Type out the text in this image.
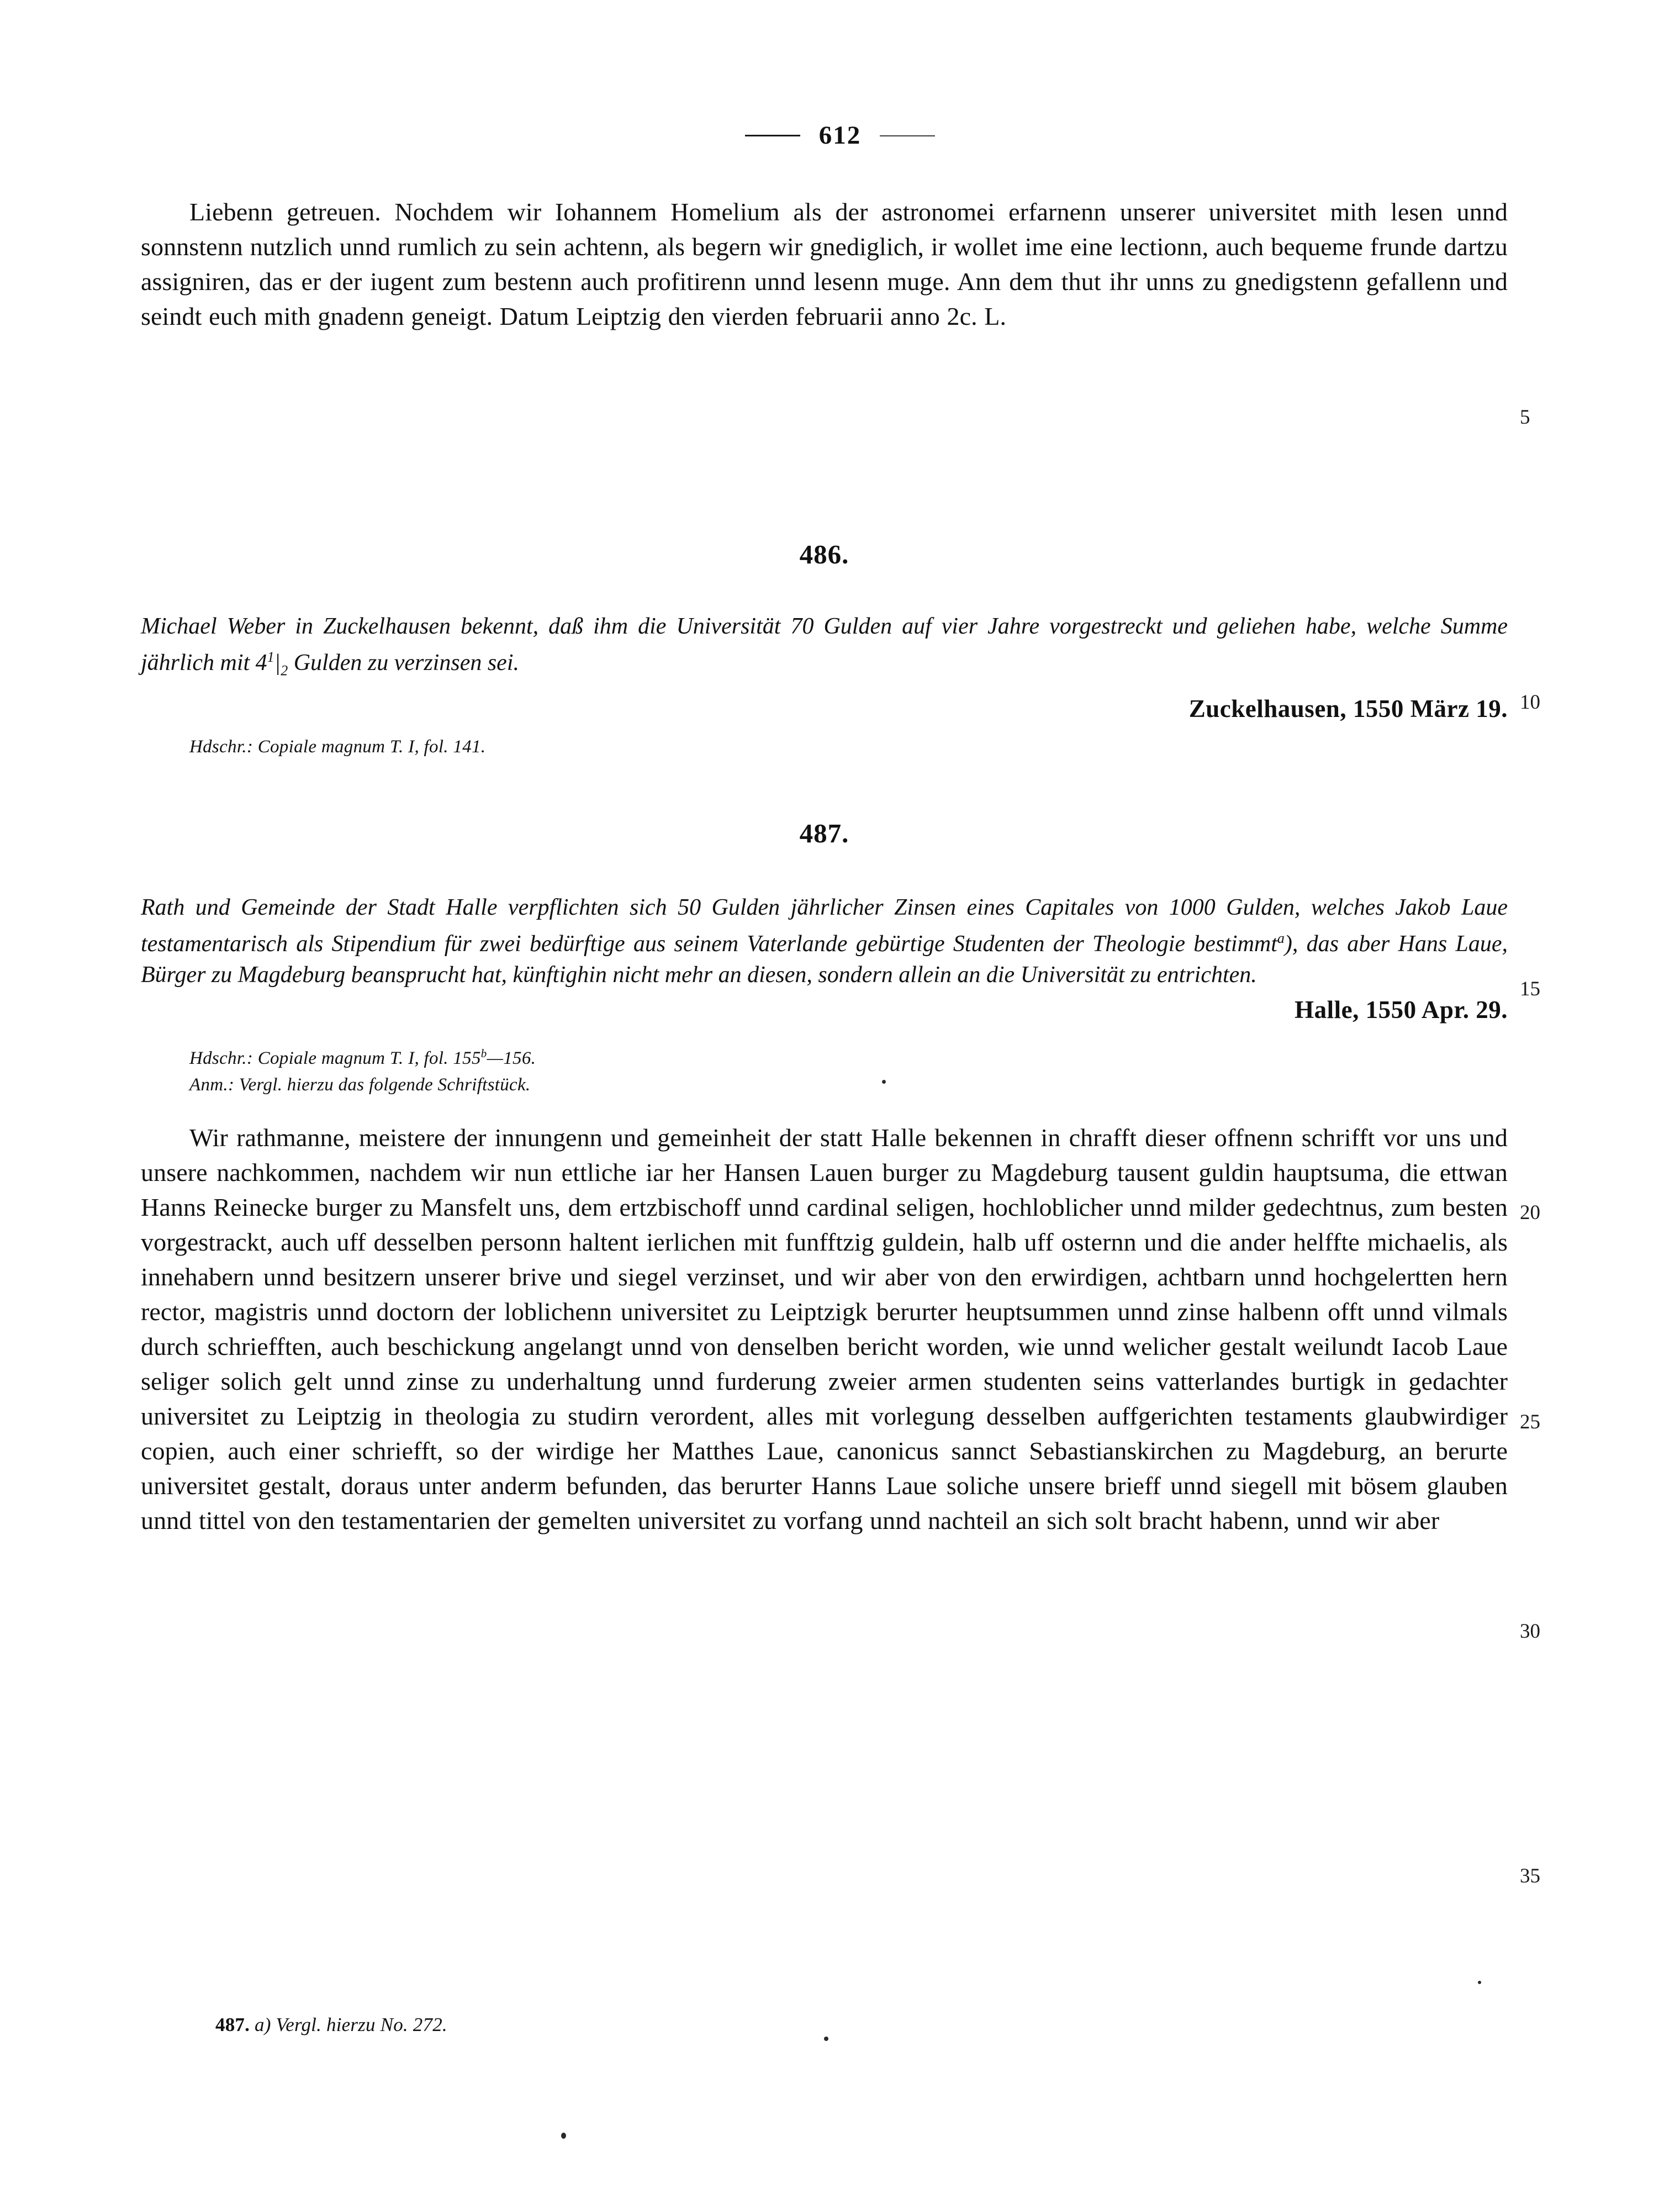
612

Liebenn getreuen. Nochdem wir Iohannem Homelium als der astronomei erfarnenn unserer universitet mith lesen unnd sonnstenn nutzlich unnd rumlich zu sein achtenn, als begern wir gnediglich, ir wollet ime eine lectionn, auch bequeme frunde dartzu assigniren, das er der iugent zum bestenn auch profitirenn unnd lesenn muge. Ann dem thut ihr unns zu gnedigstenn gefallenn und seindt euch mith gnadenn geneigt. Datum Leiptzig den vierden februarii anno 2c. L.

486.

Michael Weber in Zuckelhausen bekennt, daß ihm die Universität 70 Gulden auf vier Jahre vorgestreckt und geliehen habe, welche Summe jährlich mit $4^1|_2$ Gulden zu verzinsen sei.

Zuckelhausen, 1550 März 19.

Hdschr.: Copiale magnum T. I, fol. 141.

487.

Rath und Gemeinde der Stadt Halle verpflichten sich 50 Gulden jährlicher Zinsen eines Capitales von 1000 Gulden, welches Jakob Laue testamentarisch als Stipendium für zwei bedürftige aus seinem Vaterlande gebürtige Studenten der Theologie bestimmt$^a$), das aber Hans Laue, Bürger zu Magdeburg beansprucht hat, künftighin nicht mehr an diesen, sondern allein an die Universität zu entrichten.

Halle, 1550 Apr. 29.

Hdschr.: Copiale magnum T. I, fol. 155$^b$—156.

Anm.: Vergl. hierzu das folgende Schriftstück.

Wir rathmanne, meistere der innungenn und gemeinheit der statt Halle bekennen in chrafft dieser offnenn schrifft vor uns und unsere nachkommen, nachdem wir nun ettliche iar her Hansen Lauen burger zu Magdeburg tausent guldin hauptsuma, die ettwan Hanns Reinecke burger zu Mansfelt uns, dem ertzbischoff unnd cardinal seligen, hochloblicher unnd milder gedechtnus, zum besten vorgestrackt, auch uff desselben personn haltent ierlichen mit funfftzig guldein, halb uff osternn und die ander helffte michaelis, als innehabern unnd besitzern unserer brive und siegel verzinset, und wir aber von den erwirdigen, achtbarn unnd hochgelertten hern rector, magistris unnd doctorn der loblichenn universitet zu Leiptzigk berurter heuptsummen unnd zinse halbenn offt unnd vilmals durch schriefften, auch beschickung angelangt unnd von denselben bericht worden, wie unnd welicher gestalt weilundt Iacob Laue seliger solich gelt unnd zinse zu underhaltung unnd furderung zweier armen studenten seins vatterlandes burtigk in gedachter universitet zu Leiptzig in theologia zu studirn verordent, alles mit vorlegung desselben auffgerichten testaments glaubwirdiger copien, auch einer schriefft, so der wirdige her Matthes Laue, canonicus sannct Sebastianskirchen zu Magdeburg, an berurte universitet gestalt, doraus unter anderm befunden, das berurter Hanns Laue soliche unsere brieff unnd siegell mit bösem glauben unnd tittel von den testamentarien der gemelten universitet zu vorfang unnd nachteil an sich solt bracht habenn, unnd wir aber

5
10
15
20
25
30
35
487. a) Vergl. hierzu No. 272.
